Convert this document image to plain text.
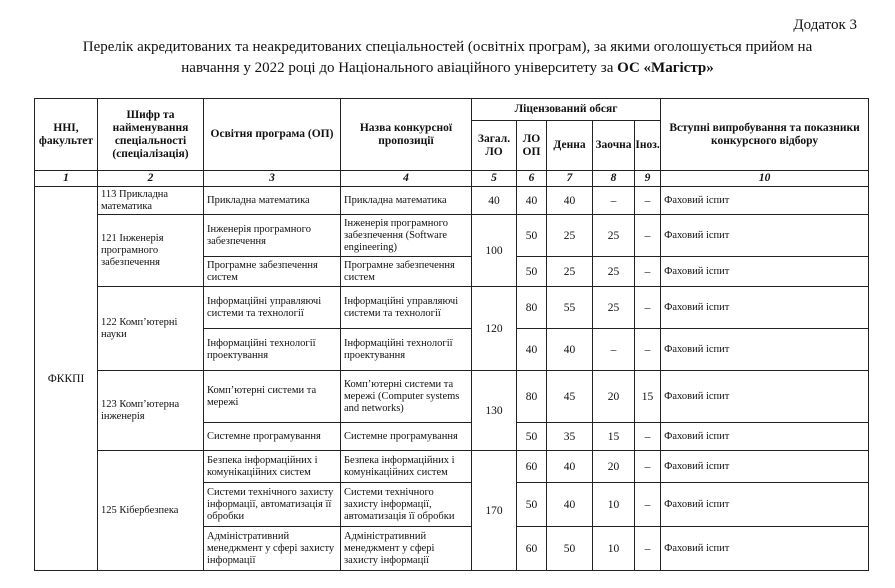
Додаток 3
Перелік акредитованих та неакредитованих спеціальностей (освітніх програм), за якими оголошується прийом на
навчання у 2022 році до Національного авіаційного університету за ОС «Магістр»
ННІ, факультет	Шифр та найменування спеціальності (спеціалізація)	Освітня програма (ОП)	Назва конкурсної пропозиції	Ліцензований обсяг					Вступні випробування та показники конкурсного відбору
				Загал. ЛО	ЛО ОП	Денна	Заочна	Іноз.	
1	2	3	4	5	6	7	8	9	10
ФККПІ	113 Прикладна математика	Прикладна математика	Прикладна математика	40	40	40	–	–	Фаховий іспит
	121 Інженерія програмного забезпечення	Інженерія програмного забезпечення	Інженерія програмного забезпечення (Software engineering)	100	50	25	25	–	Фаховий іспит
		Програмне забезпечення систем	Програмне забезпечення систем		50	25	25	–	Фаховий іспит
	122 Комп’ютерні науки	Інформаційні управляючі системи та технології	Інформаційні управляючі системи та технології	120	80	55	25	–	Фаховий іспит
		Інформаційні технології проектування	Інформаційні технології проектування		40	40	–	–	Фаховий іспит
	123 Комп’ютерна інженерія	Комп’ютерні системи та мережі	Комп’ютерні системи та мережі (Computer systems and networks)	130	80	45	20	15	Фаховий іспит
		Системне програмування	Системне програмування		50	35	15	–	Фаховий іспит
	125 Кібербезпека	Безпека інформаційних і комунікаційних систем	Безпека інформаційних і комунікаційних систем	170	60	40	20	–	Фаховий іспит
		Системи технічного захисту інформації, автоматизація її обробки	Системи технічного захисту інформації, автоматизація її обробки		50	40	10	–	Фаховий іспит
		Адміністративний менеджмент у сфері захисту інформації	Адміністративний менеджмент у сфері захисту інформації		60	50	10	–	Фаховий іспит
